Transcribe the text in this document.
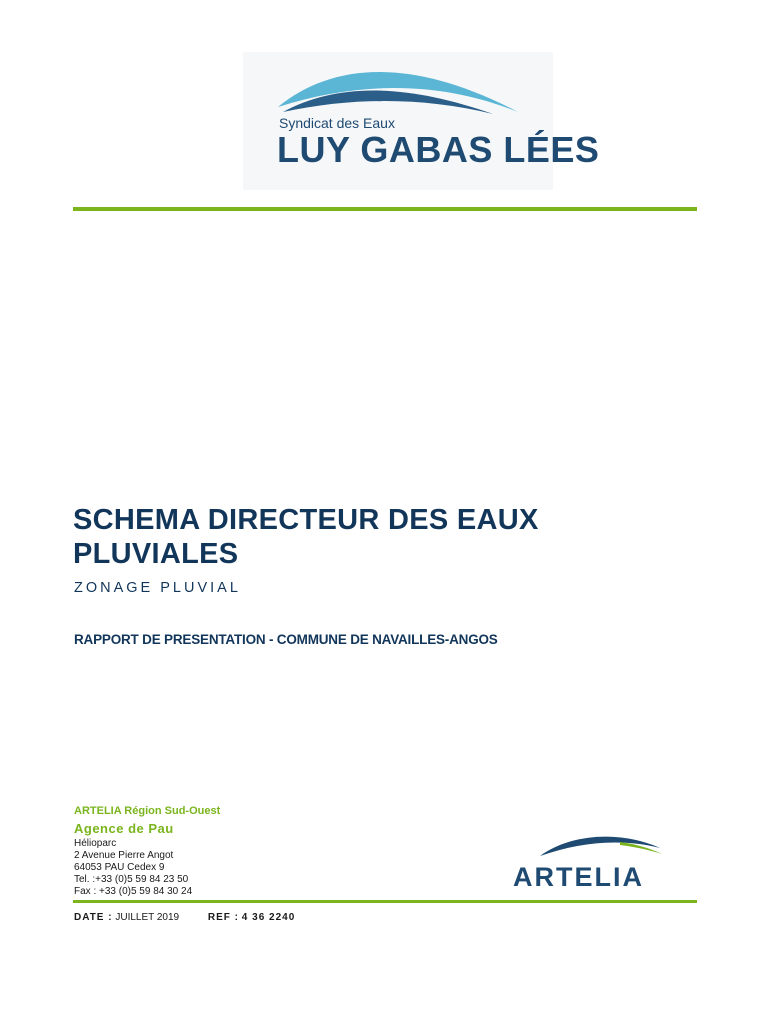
Syndicat des Eaux
LUY GABAS LÉES
SCHEMA DIRECTEUR DES EAUX PLUVIALES
ZONAGE PLUVIAL
RAPPORT DE PRESENTATION - COMMUNE DE NAVAILLES-ANGOS
ARTELIA Région Sud-Ouest
Agence de Pau
Hélioparc
2 Avenue Pierre Angot
64053 PAU Cedex 9
Tel. :+33 (0)5 59 84 23 50
Fax : +33 (0)5 59 84 30 24	ARTELIA
DATE : JUILLET 2019	REF : 4 36 2240
